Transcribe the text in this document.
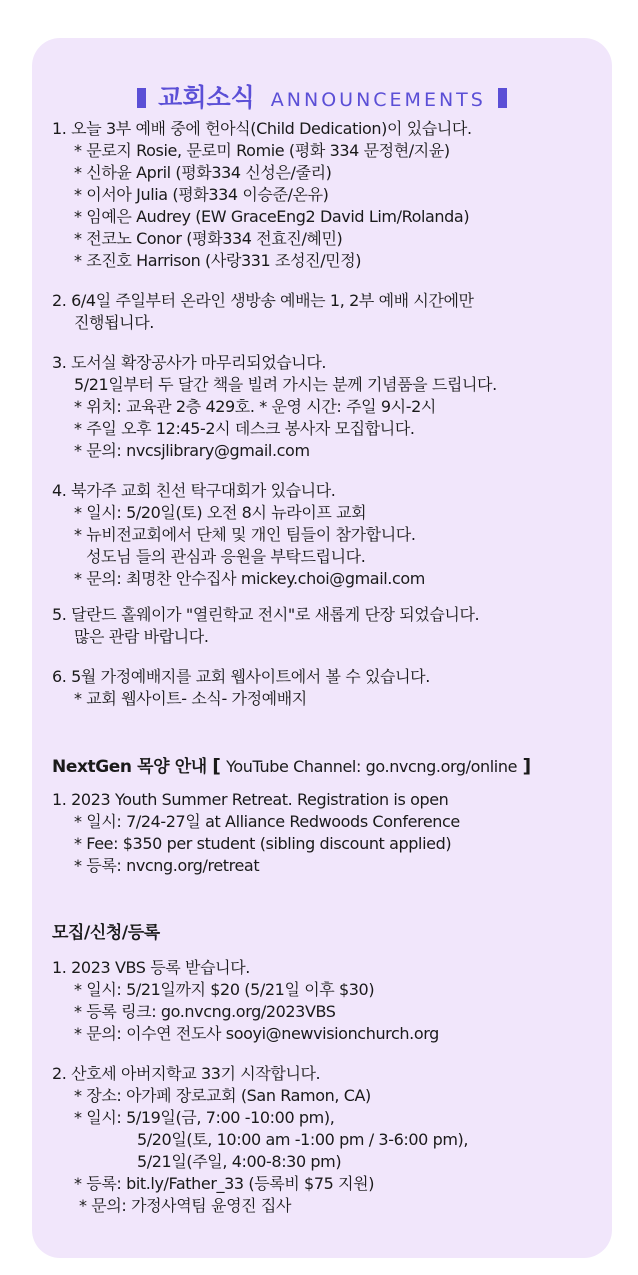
교회소식 ANNOUNCEMENTS
1. 오늘 3부 예배 중에 헌아식(Child Dedication)이 있습니다.
* 문로지 Rosie, 문로미 Romie (평화 334 문정현/지윤)
* 신하윤 April (평화334 신성은/줄리)
* 이서아 Julia (평화334 이승준/온유)
* 임예은 Audrey (EW GraceEng2 David Lim/Rolanda)
* 전코노 Conor (평화334 전효진/혜민)
* 조진호 Harrison (사랑331 조성진/민정)
2. 6/4일 주일부터 온라인 생방송 예배는 1, 2부 예배 시간에만
진행됩니다.
3. 도서실 확장공사가 마무리되었습니다.
5/21일부터 두 달간 책을 빌려 가시는 분께 기념품을 드립니다.
* 위치: 교육관 2층 429호. * 운영 시간: 주일 9시-2시
* 주일 오후 12:45-2시 데스크 봉사자 모집합니다.
* 문의: nvcsjlibrary@gmail.com
4. 북가주 교회 친선 탁구대회가 있습니다.
* 일시: 5/20일(토) 오전 8시 뉴라이프 교회
* 뉴비전교회에서 단체 및 개인 팀들이 참가합니다.
성도님 들의 관심과 응원을 부탁드립니다.
* 문의: 최명찬 안수집사 mickey.choi@gmail.com
5. 달란드 홀웨이가 "열린학교 전시"로 새롭게 단장 되었습니다.
많은 관람 바랍니다.
6. 5월 가정예배지를 교회 웹사이트에서 볼 수 있습니다.
* 교회 웹사이트- 소식- 가정예배지
NextGen 목양 안내 [ YouTube Channel: go.nvcng.org/online ]
1. 2023 Youth Summer Retreat. Registration is open
* 일시: 7/24-27일 at Alliance Redwoods Conference
* Fee: $350 per student (sibling discount applied)
* 등록: nvcng.org/retreat
모집/신청/등록
1. 2023 VBS 등록 받습니다.
* 일시: 5/21일까지 $20 (5/21일 이후 $30)
* 등록 링크: go.nvcng.org/2023VBS
* 문의: 이수연 전도사 sooyi@newvisionchurch.org
2. 산호세 아버지학교 33기 시작합니다.
* 장소: 아가페 장로교회 (San Ramon, CA)
* 일시: 5/19일(금, 7:00 -10:00 pm),
5/20일(토, 10:00 am -1:00 pm / 3-6:00 pm),
5/21일(주일, 4:00-8:30 pm)
* 등록: bit.ly/Father_33 (등록비 $75 지원)
* 문의: 가정사역팀 윤영진 집사
